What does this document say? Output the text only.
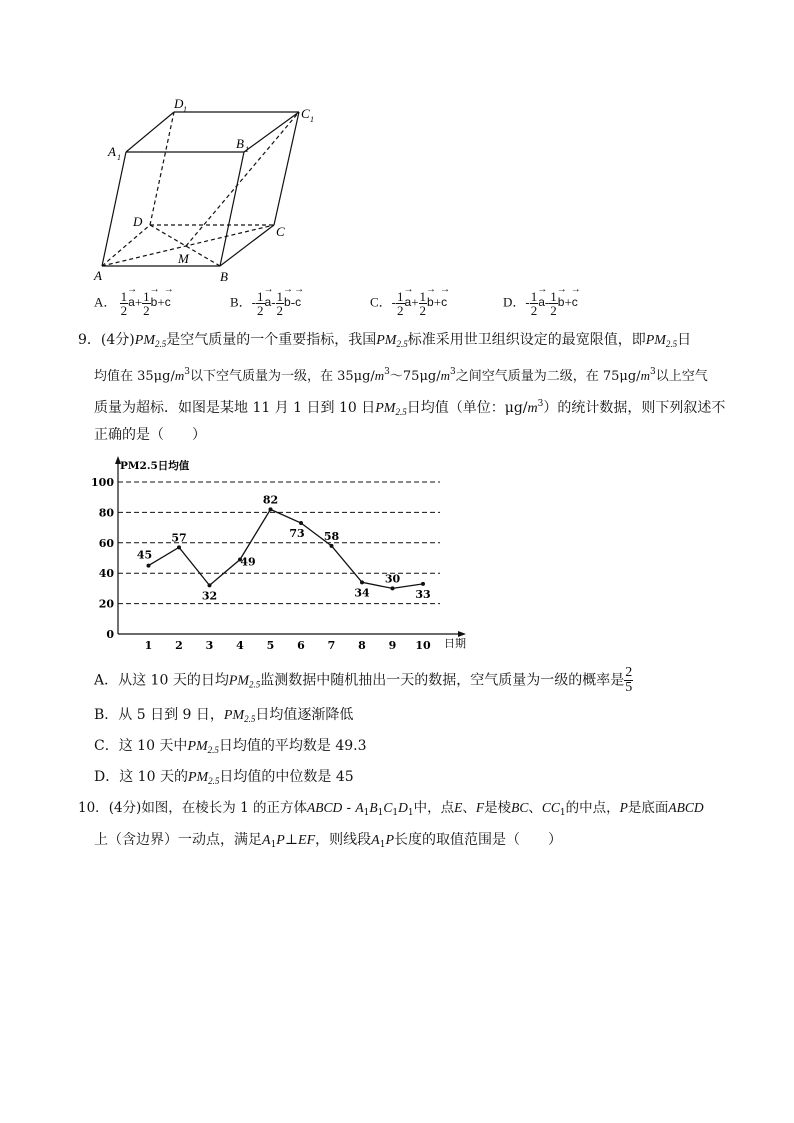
A	B
C
D
M
A 1
B 1
C 1
D 1
A． $\frac{1}{2}$
→ $a+ \frac{1}{2}$
→ b+→ c	B．- $\frac{1}{2}$
→ $a- \frac{1}{2}$
→ b-→ c	C．- $\frac{1}{2}$
→ $a+ \frac{1}{2}$
→ b+→ c	D．- $\frac{1}{2}$
→ $a- \frac{1}{2}$
→ b+→ c
9．(4分)$PM_{2.5}$是空气质量的一个重要指标，我国$PM_{2.5}$标准采用世卫组织设定的最宽限值，即$PM_{2.5}$日
均值在 $35\mu g/m^3$以下空气质量为一级，在 $35\mu g/m^3\sim 75\mu g/m^3$之间空气质量为二级，在 $75\mu g/m^3$以上空气
质量为超标．如图是某地 11 月 1 日到 10 日$PM_{2.5}$日均值（单位：$\mu g/m^3$）的统计数据，则下列叙述不
正确的是（　　）
0
20
40
60
80
100
PM2.5日均值
日期
1 2 3 4 5 6 7 8 9 10
45
57
32
49
82
73 58
34
30
33
A．从这 10 天的日均$PM_{2.5}$监测数据中随机抽出一天的数据，空气质量为一级的概率是 $\frac{2}{5}$
B．从 5 日到 9 日，$PM_{2.5}$日均值逐渐降低
C．这 10 天中$PM_{2.5}$日均值的平均数是 49.3
D．这 10 天的$PM_{2.5}$日均值的中位数是 45
10．(4分)如图，在棱长为 1 的正方体ABCD - $A_1B_1C_1D_1$中，点E、F是棱BC、$CC_1$的中点，P是底面ABCD
上（含边界）一动点，满足$A_1P\perp EF$，则线段$A_1P$长度的取值范围是（　　）
